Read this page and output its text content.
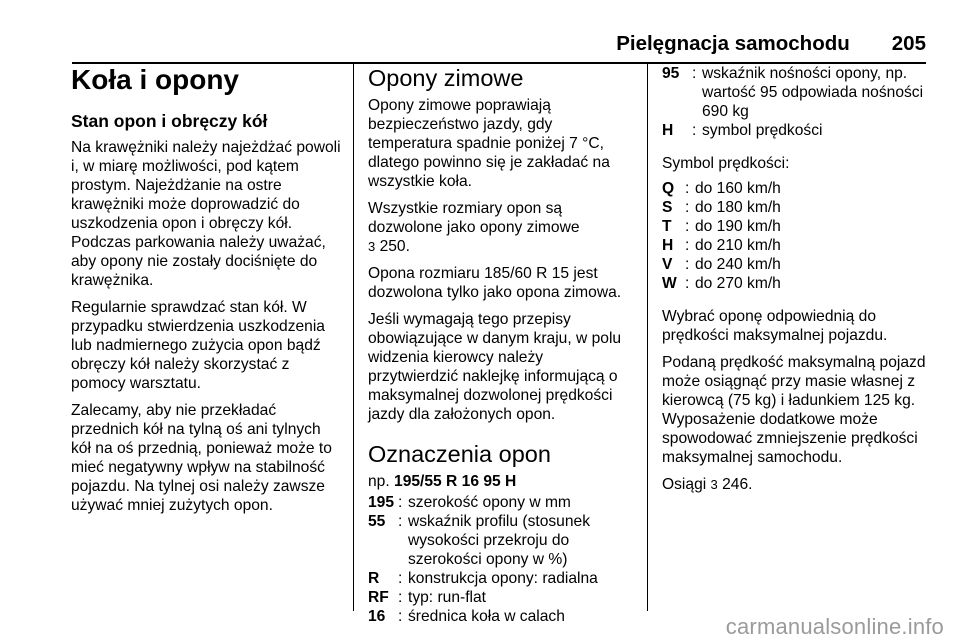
Pielęgnacja samochodu 205
Koła i opony
Stan opon i obręczy kół

Na krawężniki należy najeżdżać powoli i, w miarę możliwości, pod kątem prostym. Najeżdżanie na ostre krawężniki może doprowadzić do uszkodzenia opon i obręczy kół. Podczas parkowania należy uważać, aby opony nie zostały dociśnięte do krawężnika.

Regularnie sprawdzać stan kół. W przypadku stwierdzenia uszkodzenia lub nadmiernego zużycia opon bądź obręczy kół należy skorzystać z pomocy warsztatu.

Zalecamy, aby nie przekładać przednich kół na tylną oś ani tylnych kół na oś przednią, ponieważ może to mieć negatywny wpływ na stabilność pojazdu. Na tylnej osi należy zawsze używać mniej zużytych opon.

Opony zimowe

Opony zimowe poprawiają bezpieczeństwo jazdy, gdy temperatura spadnie poniżej 7 °C, dlatego powinno się je zakładać na wszystkie koła.

Wszystkie rozmiary opon są dozwolone jako opony zimowe
3 250.

Opona rozmiaru 185/60 R 15 jest dozwolona tylko jako opona zimowa.

Jeśli wymagają tego przepisy obowiązujące w danym kraju, w polu widzenia kierowcy należy przytwierdzić naklejkę informującą o maksymalnej dozwolonej prędkości jazdy dla założonych opon.

Oznaczenia opon
np. 195/55 R 16 95 H
195 : szerokość opony w mm
55 : wskaźnik profilu (stosunek wysokości przekroju do szerokości opony w %)
R	: konstrukcja opony: radialna
RF : typ: run-flat
16 : średnica koła w calach
95 : wskaźnik nośności opony, np. wartość 95 odpowiada nośności 690 kg
H	: symbol prędkości

Symbol prędkości:

Q : do 160 km/h
S : do 180 km/h
T : do 190 km/h
H : do 210 km/h
V : do 240 km/h
W : do 270 km/h

Wybrać oponę odpowiednią do prędkości maksymalnej pojazdu.

Podaną prędkość maksymalną pojazd może osiągnąć przy masie własnej z kierowcą (75 kg) i ładunkiem 125 kg. Wyposażenie dodatkowe może spowodować zmniejszenie prędkości maksymalnej samochodu.

Osiągi 3 246.

carmanualsonline.info
